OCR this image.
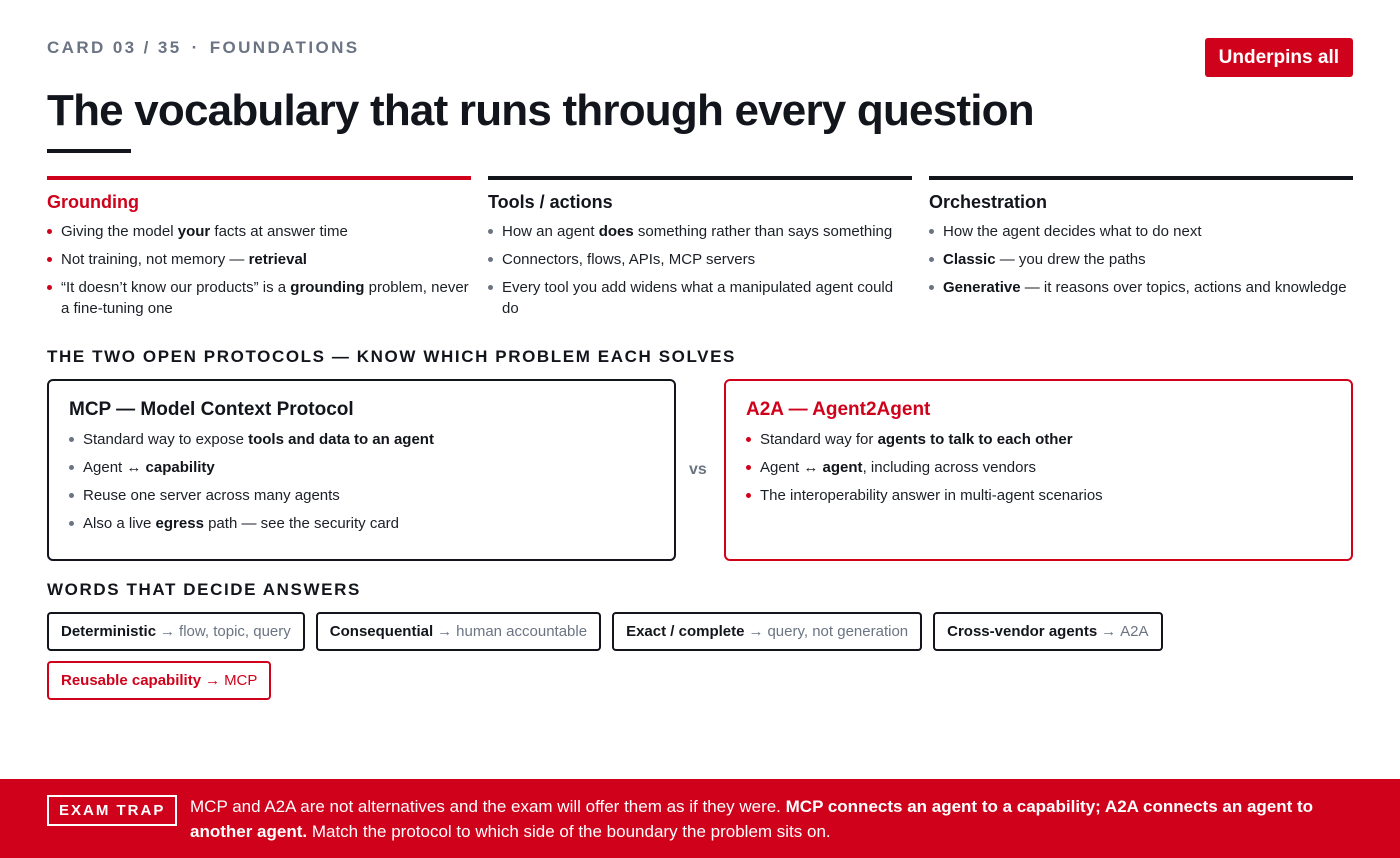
CARD 03 / 35 · FOUNDATIONS	Underpins all
The vocabulary that runs through every question
Grounding
Giving the model your facts at answer time
Not training, not memory — retrieval
“It doesn’t know our products” is a grounding problem, never a fine-tuning one
Tools / actions
How an agent does something rather than says something
Connectors, flows, APIs, MCP servers
Every tool you add widens what a manipulated agent could do
Orchestration
How the agent decides what to do next
Classic — you drew the paths
Generative — it reasons over topics, actions and knowledge
THE TWO OPEN PROTOCOLS — KNOW WHICH PROBLEM EACH SOLVES
MCP — Model Context Protocol
Standard way to expose tools and data to an agent
Agent ↔ capability
Reuse one server across many agents
Also a live egress path — see the security card
vs
A2A — Agent2Agent
Standard way for agents to talk to each other
Agent ↔ agent, including across vendors
The interoperability answer in multi-agent scenarios
WORDS THAT DECIDE ANSWERS
Deterministic → flow, topic, query	Consequential → human accountable	Exact / complete → query, not generation	Cross-vendor agents → A2A
Reusable capability → MCP
EXAM TRAP	MCP and A2A are not alternatives and the exam will offer them as if they were. MCP connects an agent to a capability; A2A connects an agent to another agent. Match the protocol to which side of the boundary the problem sits on.
